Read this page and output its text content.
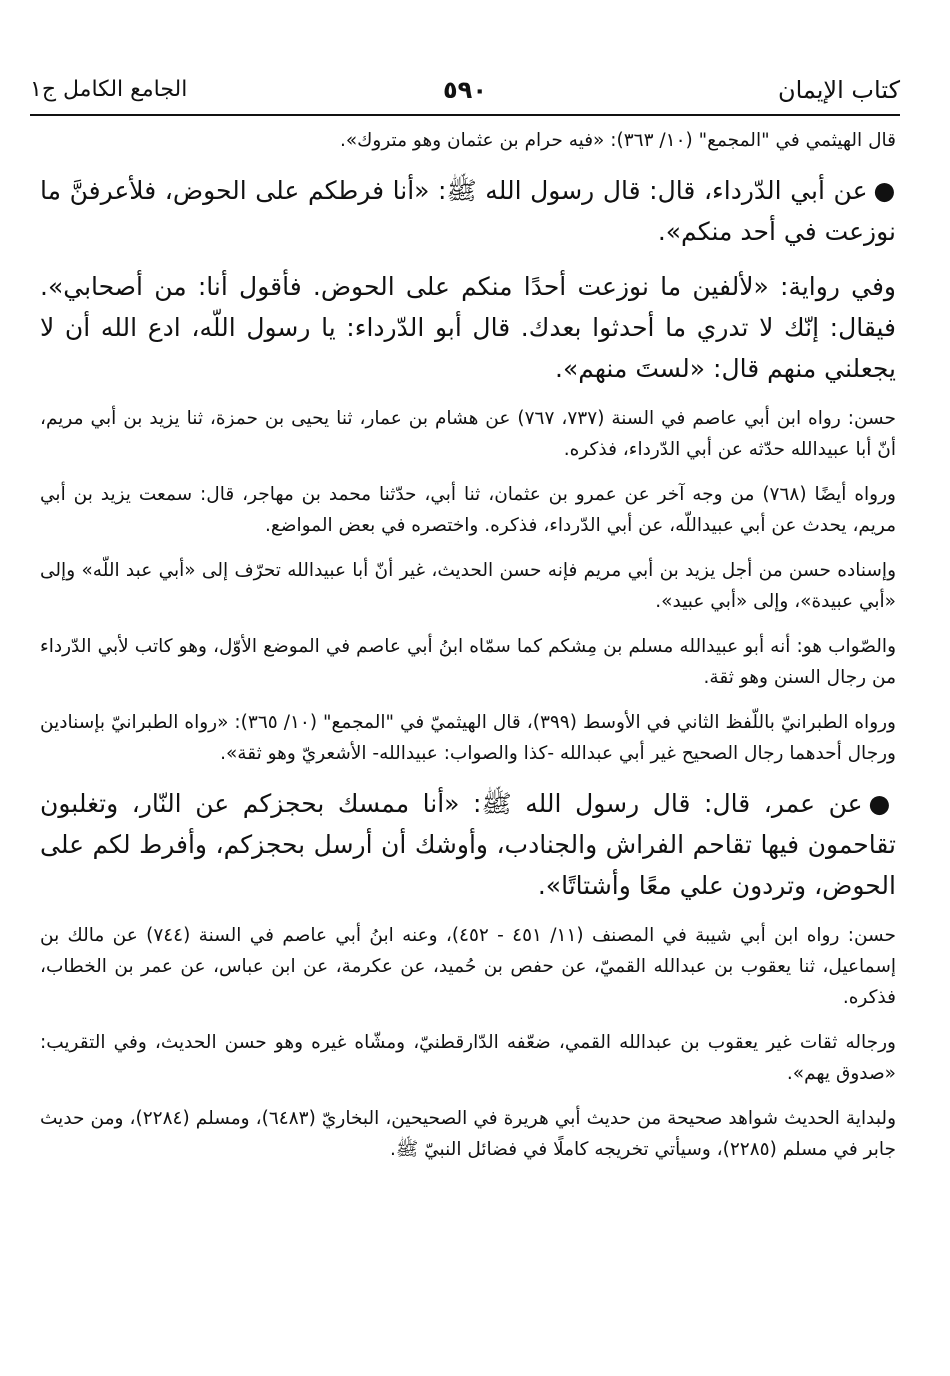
كتاب الإيمان
٥٩٠
الجامع الكامل ج١

قال الهيثمي في "المجمع" (١٠/ ٣٦٣): «فيه حرام بن عثمان وهو متروك».

●عن أبي الدّرداء، قال: قال رسول الله ﷺ: «أنا فرطكم على الحوض، فلأعرفنَّ ما نوزعت في أحد منكم».

وفي رواية: «لألفين ما نوزعت أحدًا منكم على الحوض. فأقول أنا: من أصحابي». فيقال: إنّك لا تدري ما أحدثوا بعدك. قال أبو الدّرداء: يا رسول اللّه، ادع الله أن لا يجعلني منهم قال: «لستَ منهم».

حسن: رواه ابن أبي عاصم في السنة (٧٣٧، ٧٦٧) عن هشام بن عمار، ثنا يحيى بن حمزة، ثنا يزيد بن أبي مريم، أنّ أبا عبيدالله حدّثه عن أبي الدّرداء، فذكره.

ورواه أيضًا (٧٦٨) من وجه آخر عن عمرو بن عثمان، ثنا أبي، حدّثنا محمد بن مهاجر، قال: سمعت يزيد بن أبي مريم، يحدث عن أبي عبيداللّه، عن أبي الدّرداء، فذكره. واختصره في بعض المواضع.

وإسناده حسن من أجل يزيد بن أبي مريم فإنه حسن الحديث، غير أنّ أبا عبيدالله تحرّف إلى «أبي عبد اللّه» وإلى «أبي عبيدة»، وإلى «أبي عبيد».

والصّواب هو: أنه أبو عبيدالله مسلم بن مِشكم كما سمّاه ابنُ أبي عاصم في الموضع الأوّل، وهو كاتب لأبي الدّرداء من رجال السنن وهو ثقة.

ورواه الطبرانيّ باللّفظ الثاني في الأوسط (٣٩٩)، قال الهيثميّ في "المجمع" (١٠/ ٣٦٥): «رواه الطبرانيّ بإسنادين ورجال أحدهما رجال الصحيح غير أبي عبدالله -كذا والصواب: عبيدالله- الأشعريّ وهو ثقة».

●عن عمر، قال: قال رسول الله ﷺ: «أنا ممسك بحجزكم عن النّار، وتغلبون تقاحمون فيها تقاحم الفراش والجنادب، وأوشك أن أرسل بحجزكم، وأفرط لكم على الحوض، وتردون علي معًا وأشتاتًا».

حسن: رواه ابن أبي شيبة في المصنف (١١/ ٤٥١ - ٤٥٢)، وعنه ابنُ أبي عاصم في السنة (٧٤٤) عن مالك بن إسماعيل، ثنا يعقوب بن عبدالله القميّ، عن حفص بن حُميد، عن عكرمة، عن ابن عباس، عن عمر بن الخطاب، فذكره.

ورجاله ثقات غير يعقوب بن عبدالله القمي، ضعّفه الدّارقطنيّ، ومشّاه غيره وهو حسن الحديث، وفي التقريب: «صدوق يهم».

ولبداية الحديث شواهد صحيحة من حديث أبي هريرة في الصحيحين، البخاريّ (٦٤٨٣)، ومسلم (٢٢٨٤)، ومن حديث جابر في مسلم (٢٢٨٥)، وسيأتي تخريجه كاملًا في فضائل النبيّ ﷺ.
